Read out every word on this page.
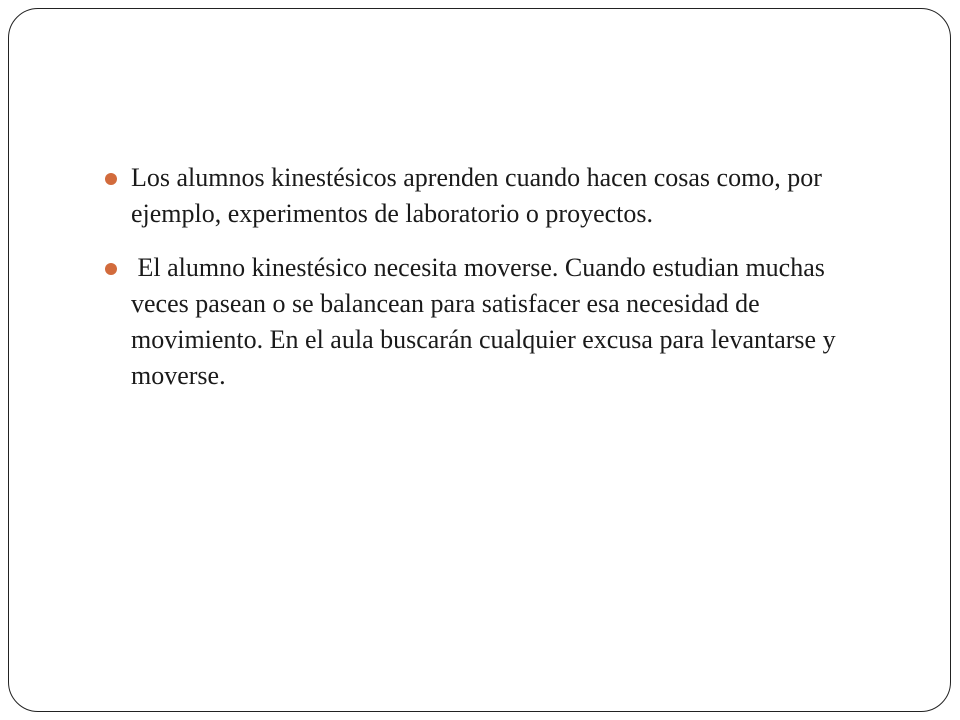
Los alumnos kinestésicos aprenden cuando hacen cosas como, por ejemplo, experimentos de laboratorio o proyectos.
El alumno kinestésico necesita moverse. Cuando estudian muchas veces pasean o se balancean para satisfacer esa necesidad de movimiento. En el aula buscarán cualquier excusa para levantarse y moverse.
